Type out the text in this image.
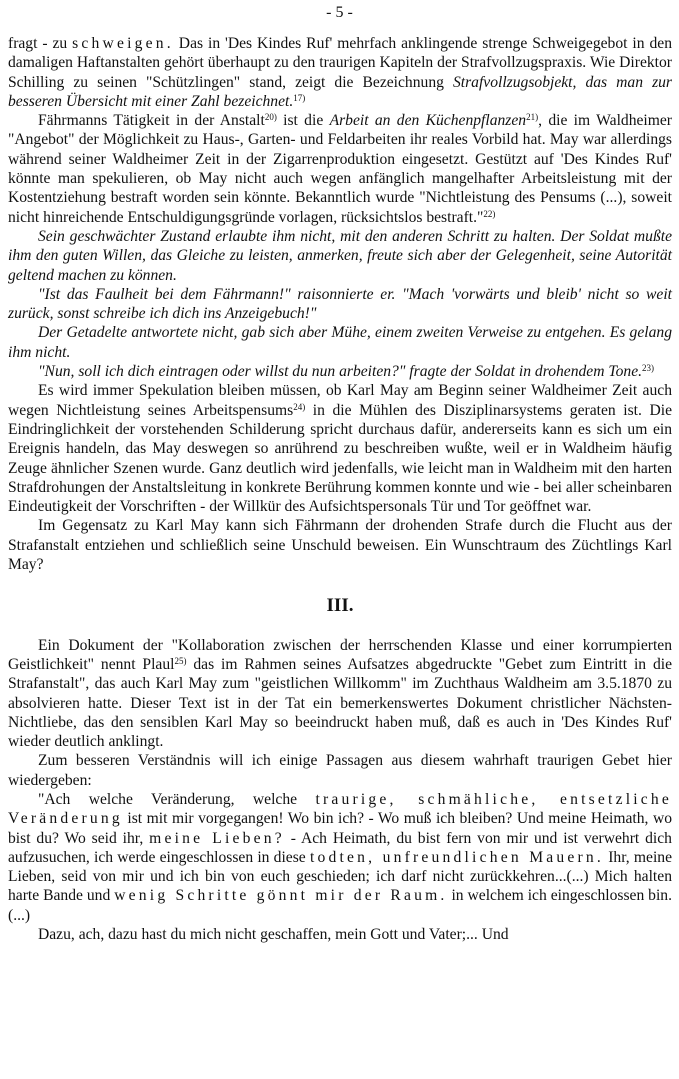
- 5 -

fragt - zu schweigen. Das in 'Des Kindes Ruf' mehrfach anklingende strenge Schweigegebot in den damaligen Haftanstalten gehört überhaupt zu den traurigen Kapiteln der Strafvollzugspraxis. Wie Direktor Schilling zu seinen "Schützlingen" stand, zeigt die Bezeichnung Strafvollzugsobjekt, das man zur besseren Übersicht mit einer Zahl bezeichnet.$^{17)}$

Fährmanns Tätigkeit in der Anstalt$^{20)}$ ist die Arbeit an den Küchenpflanzen$^{21)}$, die im Waldheimer "Angebot" der Möglichkeit zu Haus-, Garten- und Feldarbeiten ihr reales Vorbild hat. May war allerdings während seiner Waldheimer Zeit in der Zigarrenproduktion eingesetzt. Gestützt auf 'Des Kindes Ruf' könnte man spekulieren, ob May nicht auch wegen anfänglich mangelhafter Arbeitsleistung mit der Kostentziehung bestraft worden sein könnte. Bekanntlich wurde "Nichtleistung des Pensums (...), soweit nicht hinreichende Entschuldigungsgründe vorlagen, rücksichtslos bestraft."$^{22)}$

Sein geschwächter Zustand erlaubte ihm nicht, mit den anderen Schritt zu halten. Der Soldat mußte ihm den guten Willen, das Gleiche zu leisten, anmerken, freute sich aber der Gelegenheit, seine Autorität geltend machen zu können.

"Ist das Faulheit bei dem Fährmann!" raisonnierte er. "Mach 'vorwärts und bleib' nicht so weit zurück, sonst schreibe ich dich ins Anzeigebuch!"

Der Getadelte antwortete nicht, gab sich aber Mühe, einem zweiten Verweise zu entgehen. Es gelang ihm nicht.

"Nun, soll ich dich eintragen oder willst du nun arbeiten?" fragte der Soldat in drohendem Tone.$^{23)}$

Es wird immer Spekulation bleiben müssen, ob Karl May am Beginn seiner Waldheimer Zeit auch wegen Nichtleistung seines Arbeitspensums$^{24)}$ in die Mühlen des Disziplinarsystems geraten ist. Die Eindringlichkeit der vorstehenden Schilderung spricht durchaus dafür, andererseits kann es sich um ein Ereignis handeln, das May deswegen so anrührend zu beschreiben wußte, weil er in Waldheim häufig Zeuge ähnlicher Szenen wurde. Ganz deutlich wird jedenfalls, wie leicht man in Waldheim mit den harten Strafdrohungen der Anstaltsleitung in konkrete Berührung kommen konnte und wie - bei aller scheinbaren Eindeutigkeit der Vorschriften - der Willkür des Aufsichtspersonals Tür und Tor geöffnet war.

Im Gegensatz zu Karl May kann sich Fährmann der drohenden Strafe durch die Flucht aus der Strafanstalt entziehen und schließlich seine Unschuld beweisen. Ein Wunschtraum des Züchtlings Karl May?

III.

Ein Dokument der "Kollaboration zwischen der herrschenden Klasse und einer korrumpierten Geistlichkeit" nennt Plaul$^{25)}$ das im Rahmen seines Aufsatzes abgedruckte "Gebet zum Eintritt in die Strafanstalt", das auch Karl May zum "geistlichen Willkomm" im Zuchthaus Waldheim am 3.5.1870 zu absolvieren hatte. Dieser Text ist in der Tat ein bemerkenswertes Dokument christlicher Nächsten-Nichtliebe, das den sensiblen Karl May so beeindruckt haben muß, daß es auch in 'Des Kindes Ruf' wieder deutlich anklingt.

Zum besseren Verständnis will ich einige Passagen aus diesem wahrhaft traurigen Gebet hier wiedergeben:

"Ach welche Veränderung, welche traurige, schmähliche, entsetzliche Veränderung ist mit mir vorgegangen! Wo bin ich? - Wo muß ich bleiben? Und meine Heimath, wo bist du? Wo seid ihr, meine Lieben? - Ach Heimath, du bist fern von mir und ist verwehrt dich aufzusuchen, ich werde eingeschlossen in diese todten, unfreundlichen Mauern. Ihr, meine Lieben, seid von mir und ich bin von euch geschieden; ich darf nicht zurückkehren...(...) Mich halten harte Bande und wenig Schritte gönnt mir der Raum. in welchem ich eingeschlossen bin.(...)

Dazu, ach, dazu hast du mich nicht geschaffen, mein Gott und Vater;... Und
